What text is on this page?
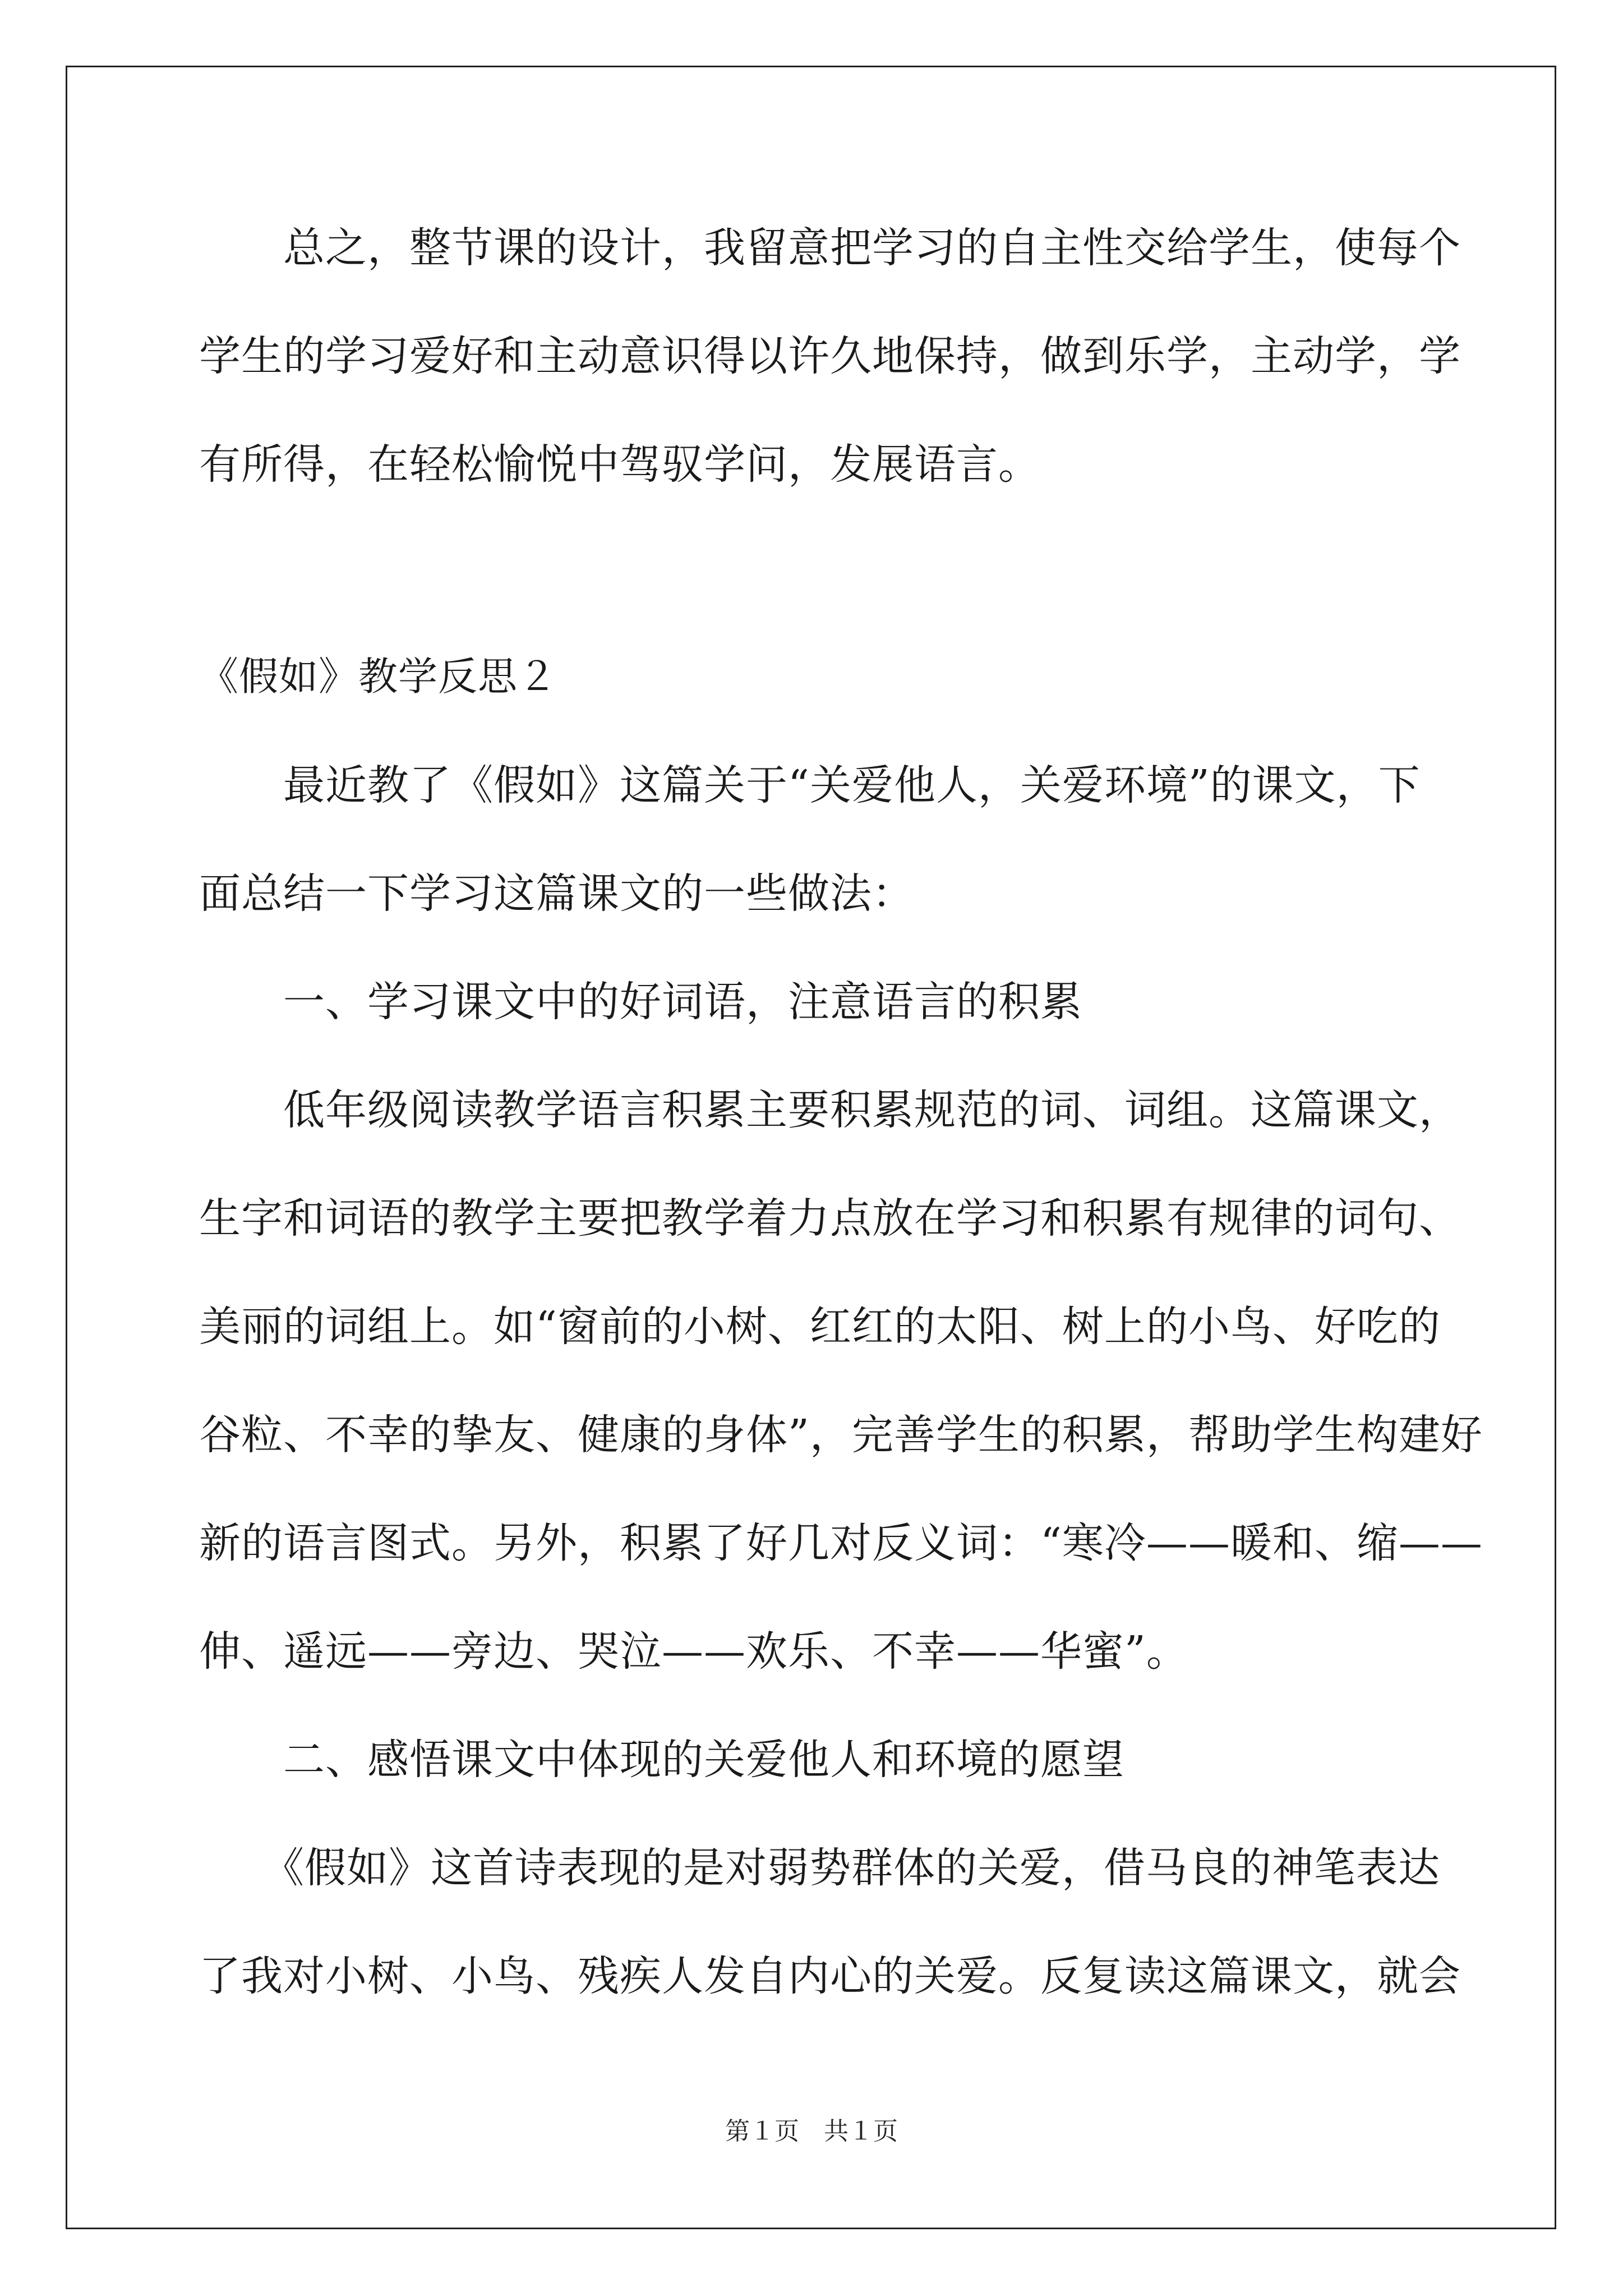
　　总之，整节课的设计，我留意把学习的自主性交给学生，使每个
学生的学习爱好和主动意识得以许久地保持，做到乐学，主动学，学
有所得，在轻松愉悦中驾驭学问，发展语言。
《假如》教学反思２
　　最近教了《假如》这篇关于“关爱他人，关爱环境”的课文，下
面总结一下学习这篇课文的一些做法：
　　一、学习课文中的好词语，注意语言的积累
　　低年级阅读教学语言积累主要积累规范的词、词组。这篇课文，
生字和词语的教学主要把教学着力点放在学习和积累有规律的词句、
美丽的词组上。如“窗前的小树、红红的太阳、树上的小鸟、好吃的
谷粒、不幸的挚友、健康的身体”，完善学生的积累，帮助学生构建好
新的语言图式。另外，积累了好几对反义词：“寒冷——暖和、缩——
伸、遥远——旁边、哭泣——欢乐、不幸——华蜜”。
　　二、感悟课文中体现的关爱他人和环境的愿望
　　《假如》这首诗表现的是对弱势群体的关爱，借马良的神笔表达
了我对小树、小鸟、残疾人发自内心的关爱。反复读这篇课文，就会
第１页　共１页
